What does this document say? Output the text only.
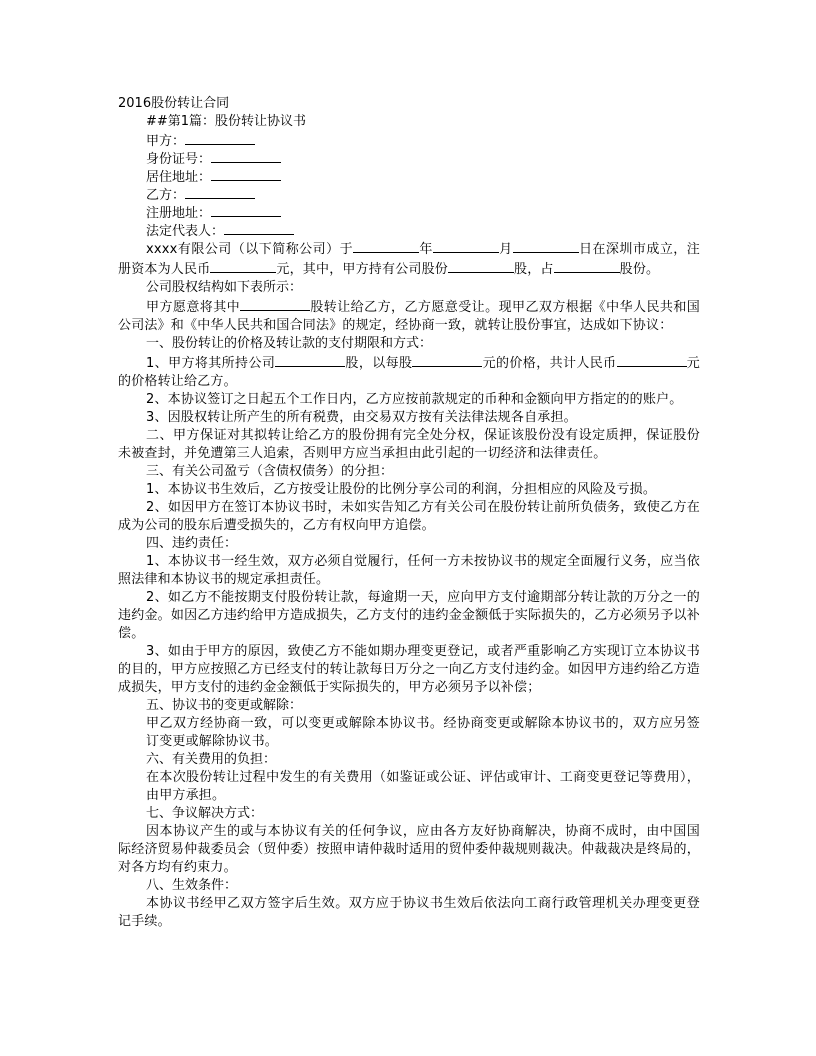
2016股份转让合同
##第1篇：股份转让协议书
甲方：
身份证号：
居住地址：
乙方：
注册地址：
法定代表人：
xxxx有限公司（以下简称公司）于	年	月	日在深圳市成立，注册资本为人民币	元，其中，甲方持有公司股份	股，占	股份。
公司股权结构如下表所示：
甲方愿意将其中	股转让给乙方，乙方愿意受让。现甲乙双方根据《中华人民共和国公司法》和《中华人民共和国合同法》的规定，经协商一致，就转让股份事宜，达成如下协议：
一、股份转让的价格及转让款的支付期限和方式：
1、甲方将其所持公司	股，以每股	元的价格，共计人民币	元的价格转让给乙方。
2、本协议签订之日起五个工作日内，乙方应按前款规定的币种和金额向甲方指定的的账户。
3、因股权转让所产生的所有税费，由交易双方按有关法律法规各自承担。
二、甲方保证对其拟转让给乙方的股份拥有完全处分权，保证该股份没有设定质押，保证股份未被查封，并免遭第三人追索，否则甲方应当承担由此引起的一切经济和法律责任。
三、有关公司盈亏（含债权债务）的分担：
1、本协议书生效后，乙方按受让股份的比例分享公司的利润，分担相应的风险及亏损。
2、如因甲方在签订本协议书时，未如实告知乙方有关公司在股份转让前所负债务，致使乙方在成为公司的股东后遭受损失的，乙方有权向甲方追偿。
四、违约责任：
1、本协议书一经生效，双方必须自觉履行，任何一方未按协议书的规定全面履行义务，应当依照法律和本协议书的规定承担责任。
2、如乙方不能按期支付股份转让款，每逾期一天，应向甲方支付逾期部分转让款的万分之一的违约金。如因乙方违约给甲方造成损失，乙方支付的违约金金额低于实际损失的，乙方必须另予以补偿。
3、如由于甲方的原因，致使乙方不能如期办理变更登记，或者严重影响乙方实现订立本协议书的目的，甲方应按照乙方已经支付的转让款每日万分之一向乙方支付违约金。如因甲方违约给乙方造成损失，甲方支付的违约金金额低于实际损失的，甲方必须另予以补偿；
五、协议书的变更或解除：
甲乙双方经协商一致，可以变更或解除本协议书。经协商变更或解除本协议书的，双方应另签订变更或解除协议书。
六、有关费用的负担：
在本次股份转让过程中发生的有关费用（如鉴证或公证、评估或审计、工商变更登记等费用），由甲方承担。
七、争议解决方式：
因本协议产生的或与本协议有关的任何争议，应由各方友好协商解决，协商不成时，由中国国际经济贸易仲裁委员会（贸仲委）按照申请仲裁时适用的贸仲委仲裁规则裁决。仲裁裁决是终局的，对各方均有约束力。
八、生效条件：
本协议书经甲乙双方签字后生效。双方应于协议书生效后依法向工商行政管理机关办理变更登记手续。
